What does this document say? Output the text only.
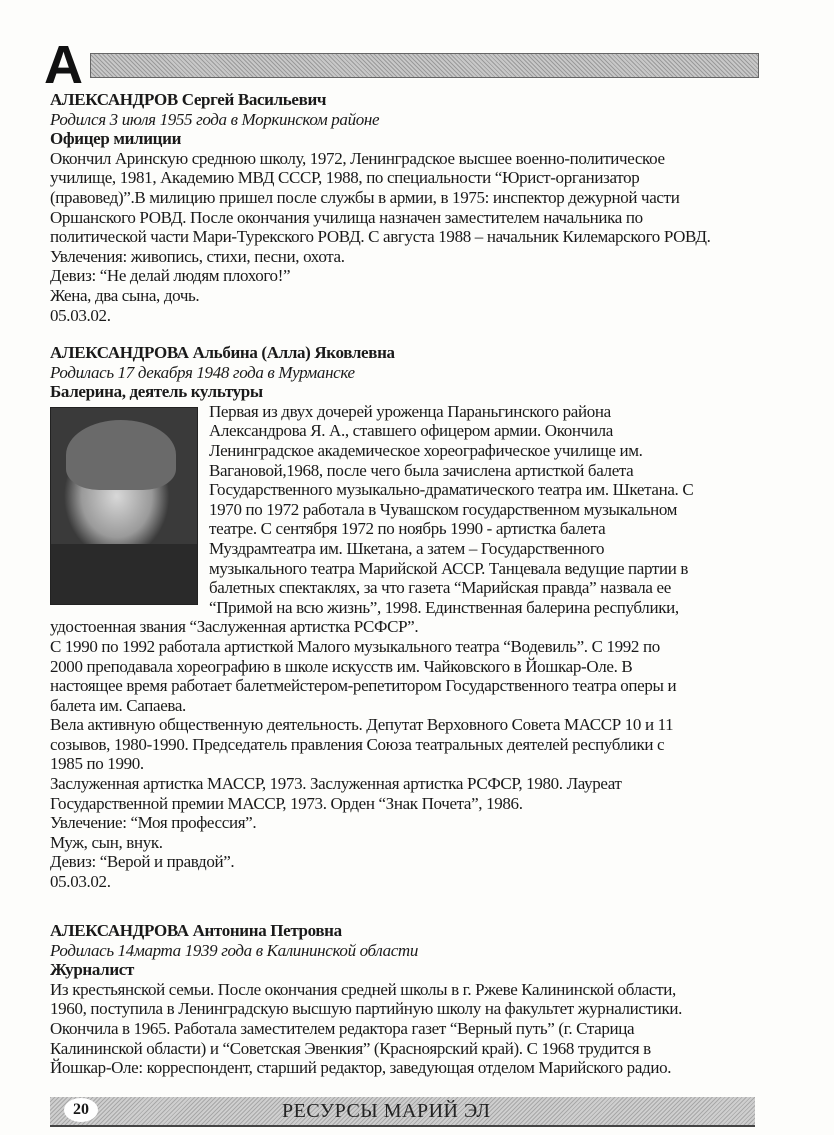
А
АЛЕКСАНДРОВ Сергей Васильевич
Родился 3 июля 1955 года в Моркинском районе
Офицер милиции
Окончил Аринскую среднюю школу, 1972, Ленинградское высшее военно-политическое
училище, 1981, Академию МВД СССР, 1988, по специальности “Юрист-организатор
(правовед)”.В милицию пришел после службы в армии, в 1975: инспектор дежурной части
Оршанского РОВД. После окончания училища назначен заместителем начальника по
политической части Мари-Турекского РОВД. С августа 1988 – начальник Килемарского РОВД.
Увлечения: живопись, стихи, песни, охота.
Девиз: “Не делай людям плохого!”
Жена, два сына, дочь.
05.03.02.
АЛЕКСАНДРОВА Альбина (Алла) Яковлевна
Родилась 17 декабря 1948 года в Мурманске
Балерина, деятель культуры
Первая из двух дочерей уроженца Параньгинского района
Александрова Я. А., ставшего офицером армии. Окончила
Ленинградское академическое хореографическое училище им.
Вагановой,1968, после чего была зачислена артисткой балета
Государственного музыкально-драматического театра им. Шкетана. С
1970 по 1972 работала в Чувашском государственном музыкальном
театре. С сентября 1972 по ноябрь 1990 - артистка балета
Муздрамтеатра им. Шкетана, а затем – Государственного
музыкального театра Марийской АССР. Танцевала ведущие партии в
балетных спектаклях, за что газета “Марийская правда” назвала ее
“Примой на всю жизнь”, 1998. Единственная балерина республики,
удостоенная звания “Заслуженная артистка РСФСР”.
С 1990 по 1992 работала артисткой Малого музыкального театра “Водевиль”. С 1992 по
2000 преподавала хореографию в школе искусств им. Чайковского в Йошкар-Оле. В
настоящее время работает балетмейстером-репетитором Государственного театра оперы и
балета им. Сапаева.
Вела активную общественную деятельность. Депутат Верховного Совета МАССР 10 и 11
созывов, 1980-1990. Председатель правления Союза театральных деятелей республики с
1985 по 1990.
Заслуженная артистка МАССР, 1973. Заслуженная артистка РСФСР, 1980. Лауреат
Государственной премии МАССР, 1973. Орден “Знак Почета”, 1986.
Увлечение: “Моя профессия”.
Муж, сын, внук.
Девиз: “Верой и правдой”.
05.03.02.
АЛЕКСАНДРОВА Антонина Петровна
Родилась 14марта 1939 года в Калининской области
Журналист
Из крестьянской семьи. После окончания средней школы в г. Ржеве Калининской области,
1960, поступила в Ленинградскую высшую партийную школу на факультет журналистики.
Окончила в 1965. Работала заместителем редактора газет “Верный путь” (г. Старица
Калининской области) и “Советская Эвенкия” (Красноярский край). С 1968 трудится в
Йошкар-Оле: корреспондент, старший редактор, заведующая отделом Марийского радио.
20	РЕСУРСЫ МАРИЙ ЭЛ
